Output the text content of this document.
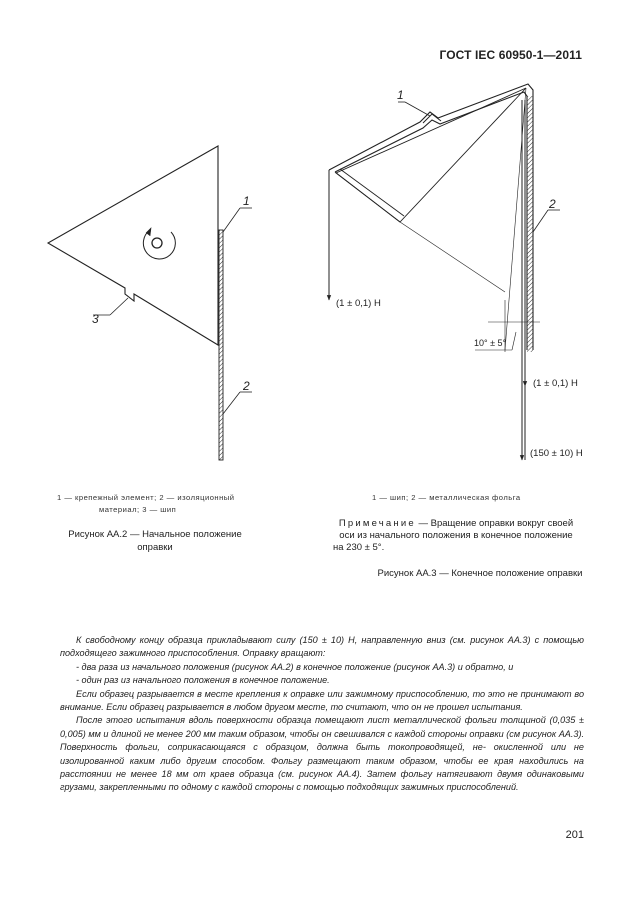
ГОСТ IEC 60950-1—2011
1
2
3
1
2
(1 ± 0,1) Н
10° ± 5°
(1 ± 0,1) Н
(150 ± 10) Н
1 — крепежный элемент; 2 — изоляционный
материал; 3 — шип
Рисунок АА.2 — Начальное положение
оправки
1 — шип; 2 — металлическая фольга
Примечание — Вращение оправки вокруг своей
оси из начального положения в конечное положение
на 230 ± 5°.
Рисунок АА.3 — Конечное положение оправки

К свободному концу образца прикладывают силу (150 ± 10) Н, направленную вниз (см. рисунок АА.3) с помощью подходящего зажимного приспособления. Оправку вращают:

- два раза из начального положения (рисунок АА.2) в конечное положение (рисунок АА.3) и обратно, и

- один раз из начального положения в конечное положение.

Если образец разрывается в месте крепления к оправке или зажимному приспособлению, то это не принимают во внимание. Если образец разрывается в любом другом месте, то считают, что он не прошел испытания.

После этого испытания вдоль поверхности образца помещают лист металлической фольги толщиной (0,035 ± 0,005) мм и длиной не менее 200 мм таким образом, чтобы он свешивался с каждой стороны оправки (см рисунок АА.3). Поверхность фольги, соприкасающаяся с образцом, должна быть токопроводящей, не- окисленной или не изолированной каким либо другим способом. Фольгу размещают таким образом, чтобы ее края находились на расстоянии не менее 18 мм от краев образца (см. рисунок АА.4). Затем фольгу натягивают двумя одинаковыми грузами, закрепленными по одному с каждой стороны с помощью подходящих зажимных приспособлений.

201
